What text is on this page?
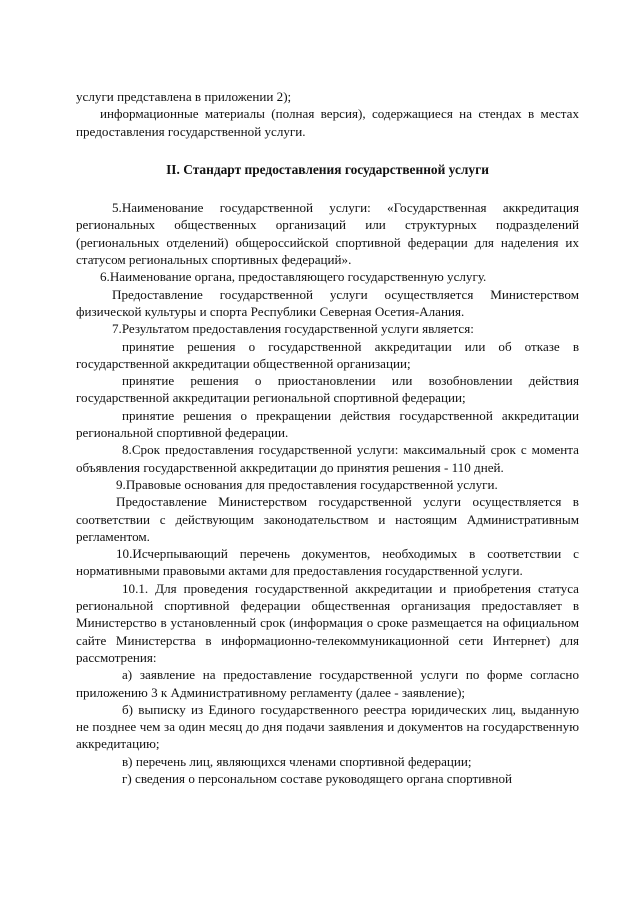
услуги представлена в приложении 2);

информационные материалы (полная версия), содержащиеся на стендах в местах предоставления государственной услуги.

II. Стандарт предоставления государственной услуги

5.Наименование государственной услуги: «Государственная аккредитация региональных общественных организаций или структурных подразделений (региональных отделений) общероссийской спортивной федерации для наделения их статусом региональных спортивных федераций».

6.Наименование органа, предоставляющего государственную услугу.

Предоставление государственной услуги осуществляется Министерством физической культуры и спорта Республики Северная Осетия-Алания.

7.Результатом предоставления государственной услуги является:

принятие решения о государственной аккредитации или об отказе в государственной аккредитации общественной организации;

принятие решения о приостановлении или возобновлении действия государственной аккредитации региональной спортивной федерации;

принятие решения о прекращении действия государственной аккредитации региональной спортивной федерации.

8.Срок предоставления государственной услуги: максимальный срок с момента объявления государственной аккредитации до принятия решения - 110 дней.

9.Правовые основания для предоставления государственной услуги.

Предоставление Министерством государственной услуги осуществляется в соответствии с действующим законодательством и настоящим Административным регламентом.

10.Исчерпывающий перечень документов, необходимых в соответствии с нормативными правовыми актами для предоставления государственной услуги.

10.1. Для проведения государственной аккредитации и приобретения статуса региональной спортивной федерации общественная организация предоставляет в Министерство в установленный срок (информация о сроке размещается на официальном сайте Министерства в информационно-телекоммуникационной сети Интернет) для рассмотрения:

а) заявление на предоставление государственной услуги по форме согласно приложению 3 к Административному регламенту (далее - заявление);

б) выписку из Единого государственного реестра юридических лиц, выданную не позднее чем за один месяц до дня подачи заявления и документов на государственную аккредитацию;

в) перечень лиц, являющихся членами спортивной федерации;

г) сведения о персональном составе руководящего органа спортивной
